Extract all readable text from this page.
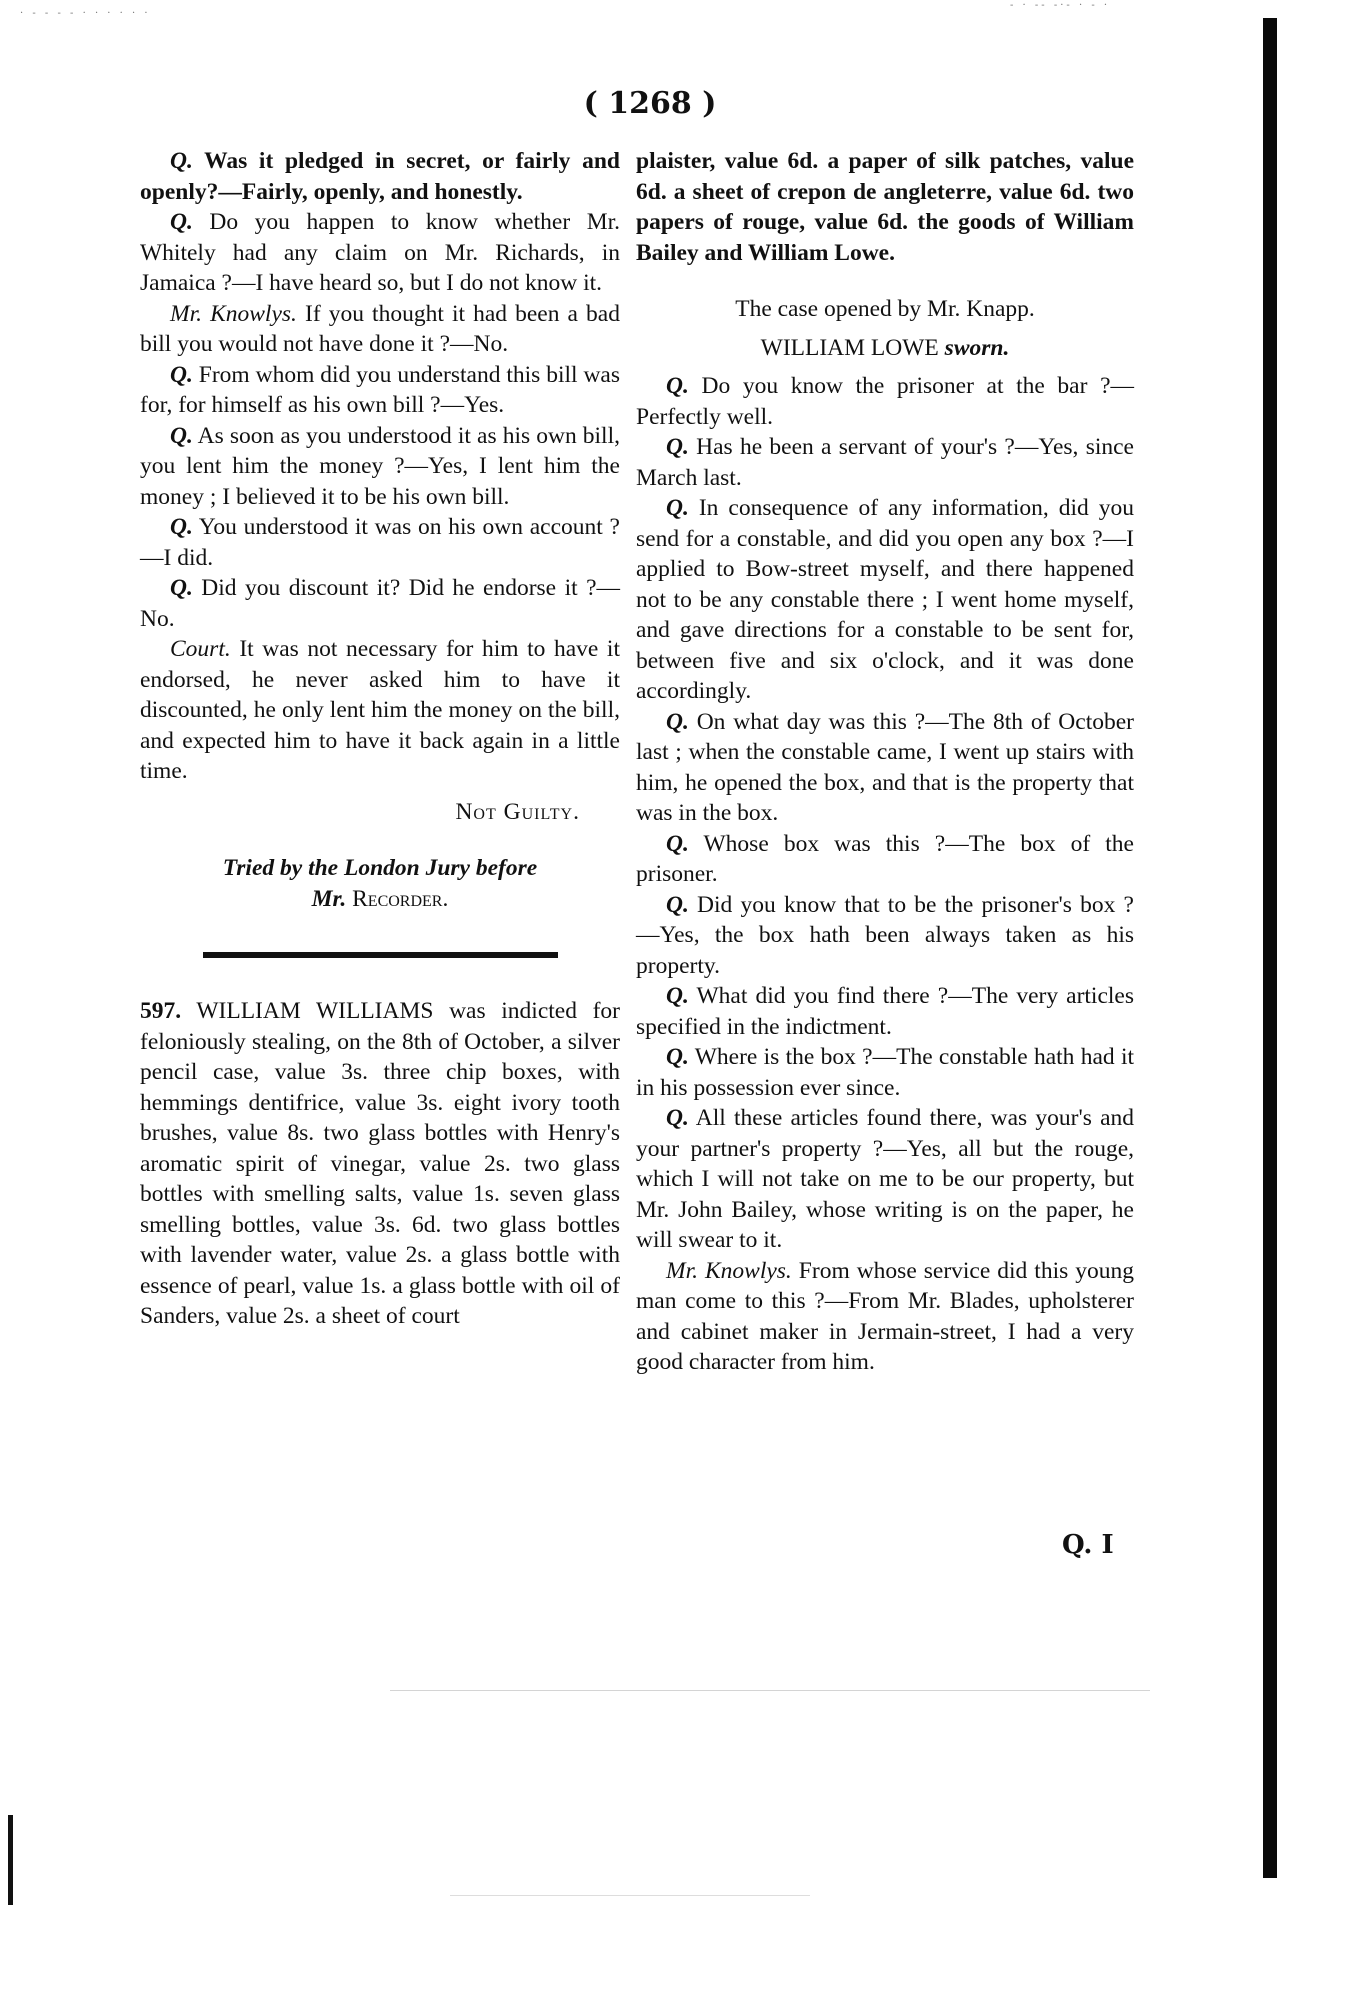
· - - - - · · · · · ·
- · -- -·- · - ·
( 1268 )

Q. Was it pledged in secret, or fairly and openly?—Fairly, openly, and honestly.

Q. Do you happen to know whether Mr. Whitely had any claim on Mr. Richards, in Jamaica ?—I have heard so, but I do not know it.

Mr. Knowlys. If you thought it had been a bad bill you would not have done it ?—No.

Q. From whom did you understand this bill was for, for himself as his own bill ?—Yes.

Q. As soon as you understood it as his own bill, you lent him the money ?—Yes, I lent him the money ; I believed it to be his own bill.

Q. You understood it was on his own account ?—I did.

Q. Did you discount it? Did he endorse it ?—No.

Court. It was not necessary for him to have it endorsed, he never asked him to have it discounted, he only lent him the money on the bill, and expected him to have it back again in a little time.

Not Guilty.

Tried by the London Jury before

Mr. Recorder.

597. WILLIAM WILLIAMS was indicted for feloniously stealing, on the 8th of October, a silver pencil case, value 3s. three chip boxes, with hemmings dentifrice, value 3s. eight ivory tooth brushes, value 8s. two glass bottles with Henry's aromatic spirit of vinegar, value 2s. two glass bottles with smelling salts, value 1s. seven glass smelling bottles, value 3s. 6d. two glass bottles with lavender water, value 2s. a glass bottle with essence of pearl, value 1s. a glass bottle with oil of Sanders, value 2s. a sheet of court

plaister, value 6d. a paper of silk patches, value 6d. a sheet of crepon de angleterre, value 6d. two papers of rouge, value 6d. the goods of William Bailey and William Lowe.

The case opened by Mr. Knapp.

WILLIAM LOWE sworn.

Q. Do you know the prisoner at the bar ?—Perfectly well.

Q. Has he been a servant of your's ?—Yes, since March last.

Q. In consequence of any information, did you send for a constable, and did you open any box ?—I applied to Bow-street myself, and there happened not to be any constable there ; I went home myself, and gave directions for a constable to be sent for, between five and six o'clock, and it was done accordingly.

Q. On what day was this ?—The 8th of October last ; when the constable came, I went up stairs with him, he opened the box, and that is the property that was in the box.

Q. Whose box was this ?—The box of the prisoner.

Q. Did you know that to be the prisoner's box ?—Yes, the box hath been always taken as his property.

Q. What did you find there ?—The very articles specified in the indictment.

Q. Where is the box ?—The constable hath had it in his possession ever since.

Q. All these articles found there, was your's and your partner's property ?—Yes, all but the rouge, which I will not take on me to be our property, but Mr. John Bailey, whose writing is on the paper, he will swear to it.

Mr. Knowlys. From whose service did this young man come to this ?—From Mr. Blades, upholsterer and cabinet maker in Jermain-street, I had a very good character from him.

Q. I
